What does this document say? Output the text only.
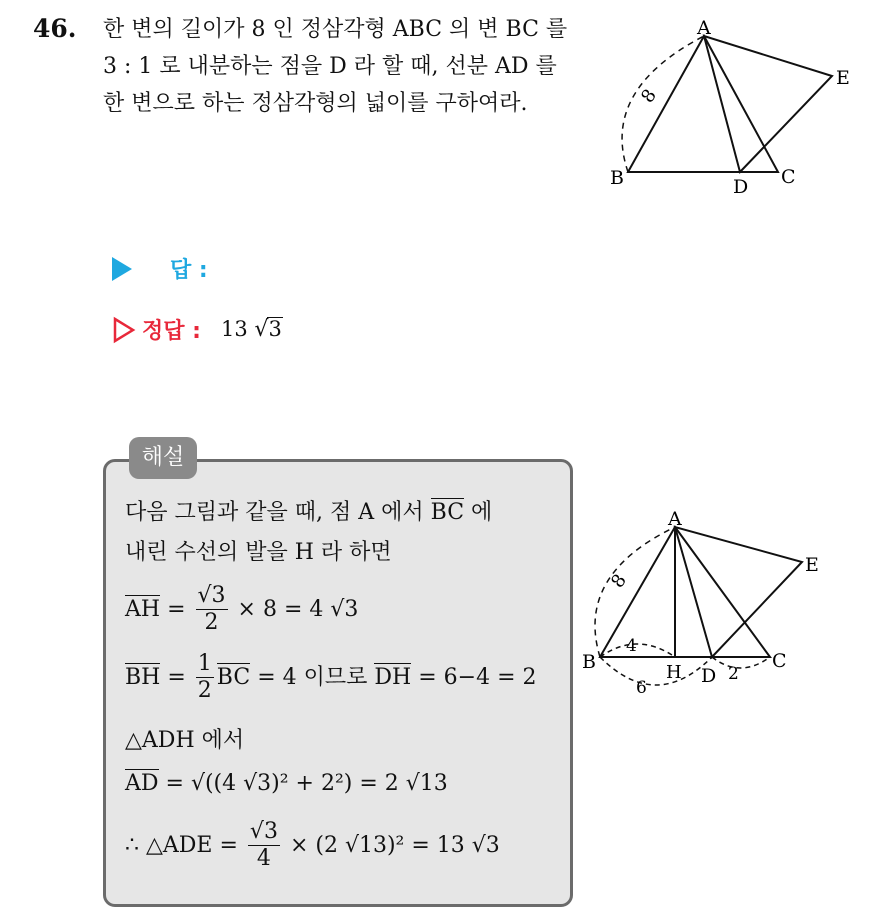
46. 한 변의 길이가 8 인 정삼각형 ABC 의 변 BC 를 3 : 1 로 내분하는 점을 D 라 할 때, 선분 AD 를 한 변으로 하는 정삼각형의 넓이를 구하여라.

A
B	C
D
E
8
답 :
정답 : 13 √3
해설
다음 그림과 같을 때, 점 A 에서 BC 에
내린 수선의 발을 H 라 하면
AH = $\frac{√3}{2} \times 8 = 4$ √3
BH = $\frac{1}{2}$ BC = 4 이므로 DH = 6−4 = 2
△ADH 에서
AD = √((4 √3)² + 2²) = 2 √13
∴ △ADE = $\frac{√3}{4} \times (2$ √13)² = 13 √3
A
B	C
D
E
H
8
4
6
2
